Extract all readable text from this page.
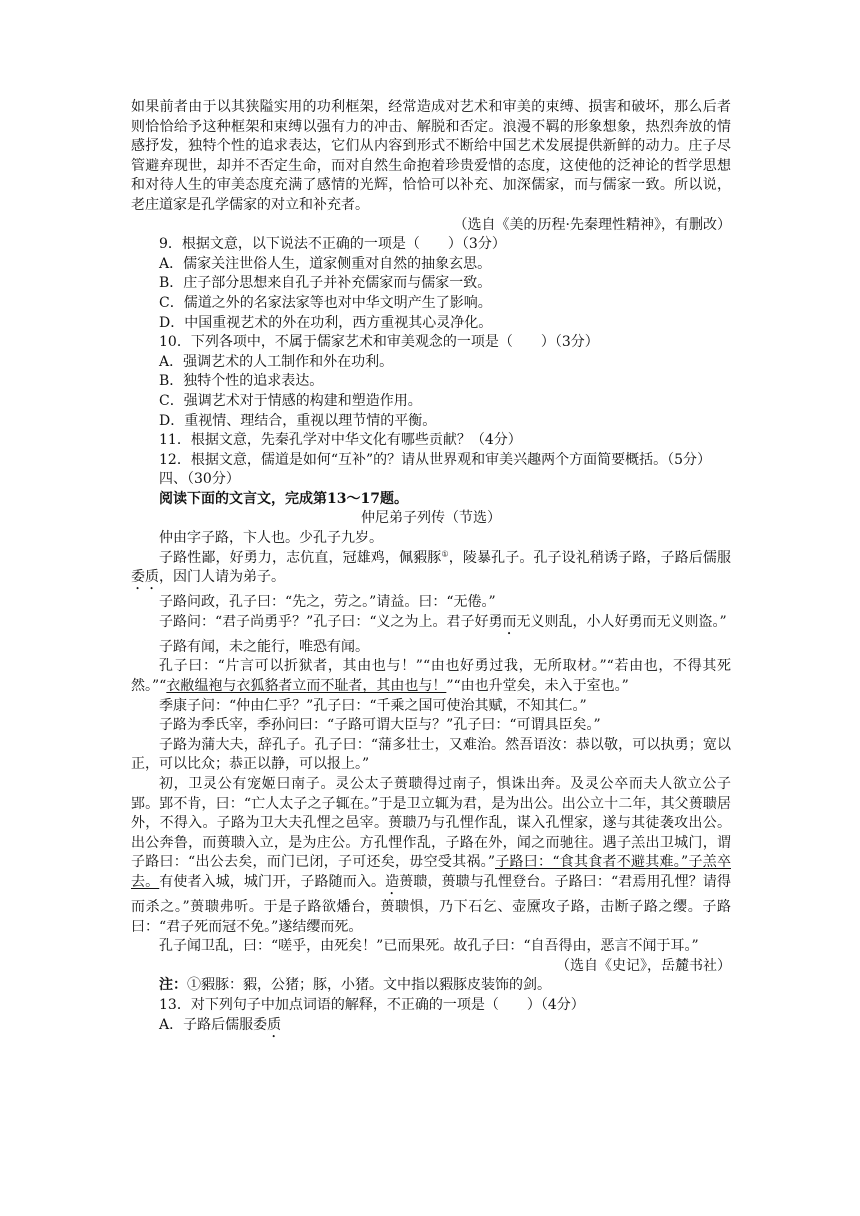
如果前者由于以其狭隘实用的功利框架，经常造成对艺术和审美的束缚、损害和破坏，那么后者则恰恰给予这种框架和束缚以强有力的冲击、解脱和否定。浪漫不羁的形象想象，热烈奔放的情感抒发，独特个性的追求表达，它们从内容到形式不断给中国艺术发展提供新鲜的动力。庄子尽管避弃现世，却并不否定生命，而对自然生命抱着珍贵爱惜的态度，这使他的泛神论的哲学思想和对待人生的审美态度充满了感情的光辉，恰恰可以补充、加深儒家，而与儒家一致。所以说，老庄道家是孔学儒家的对立和补充者。

（选自《美的历程·先秦理性精神》，有删改）

9．根据文意，以下说法不正确的一项是（　　）（3分）

A．儒家关注世俗人生，道家侧重对自然的抽象玄思。

B．庄子部分思想来自孔子并补充儒家而与儒家一致。

C．儒道之外的名家法家等也对中华文明产生了影响。

D．中国重视艺术的外在功利，西方重视其心灵净化。

10．下列各项中，不属于儒家艺术和审美观念的一项是（　　）（3分）

A．强调艺术的人工制作和外在功利。

B．独特个性的追求表达。

C．强调艺术对于情感的构建和塑造作用。

D．重视情、理结合，重视以理节情的平衡。

11．根据文意，先秦孔学对中华文化有哪些贡献？（4分）

12．根据文意，儒道是如何“互补”的？请从世界观和审美兴趣两个方面简要概括。（5分）

四、（30分）

阅读下面的文言文，完成第13～17题。

仲尼弟子列传（节选）

仲由字子路，卞人也。少孔子九岁。

子路性鄙，好勇力，志伉直，冠雄鸡，佩豭豚①，陵暴孔子。孔子设礼稍诱子路，子路后儒服委质，因门人请为弟子。

子路问政，孔子曰：“先之，劳之。”请益。曰：“无倦。”

子路问：“君子尚勇乎？”孔子曰：“义之为上。君子好勇而无义则乱，小人好勇而无义则盗。”

子路有闻，未之能行，唯恐有闻。

孔子曰：“片言可以折狱者，其由也与！”“由也好勇过我，无所取材。”“若由也，不得其死然。”“衣敝缊袍与衣狐貉者立而不耻者，其由也与！”“由也升堂矣，未入于室也。”

季康子问：“仲由仁乎？”孔子曰：“千乘之国可使治其赋，不知其仁。”

子路为季氏宰，季孙问曰：“子路可谓大臣与？”孔子曰：“可谓具臣矣。”

子路为蒲大夫，辞孔子。孔子曰：“蒲多壮士，又难治。然吾语汝：恭以敬，可以执勇；宽以正，可以比众；恭正以静，可以报上。”

初，卫灵公有宠姬曰南子。灵公太子蒉聩得过南子，惧诛出奔。及灵公卒而夫人欲立公子郢。郢不肯，曰：“亡人太子之子辄在。”于是卫立辄为君，是为出公。出公立十二年，其父蒉聩居外，不得入。子路为卫大夫孔悝之邑宰。蒉聩乃与孔悝作乱，谋入孔悝家，遂与其徒袭攻出公。出公奔鲁，而蒉聩入立，是为庄公。方孔悝作乱，子路在外，闻之而驰往。遇子羔出卫城门，谓子路曰：“出公去矣，而门已闭，子可还矣，毋空受其祸。”子路曰：“食其食者不避其难。”子羔卒去。有使者入城，城门开，子路随而入。造蒉聩，蒉聩与孔悝登台。子路曰：“君焉用孔悝？请得而杀之。”蒉聩弗听。于是子路欲燔台，蒉聩惧，乃下石乞、壶黡攻子路，击断子路之缨。子路曰：“君子死而冠不免。”遂结缨而死。

孔子闻卫乱，曰：“嗟乎，由死矣！”已而果死。故孔子曰：“自吾得由，恶言不闻于耳。”

（选自《史记》，岳麓书社）

注：①豭豚：豭，公猪；豚，小猪。文中指以豭豚皮装饰的剑。

13．对下列句子中加点词语的解释，不正确的一项是（　　）（4分）

A．子路后儒服委质
